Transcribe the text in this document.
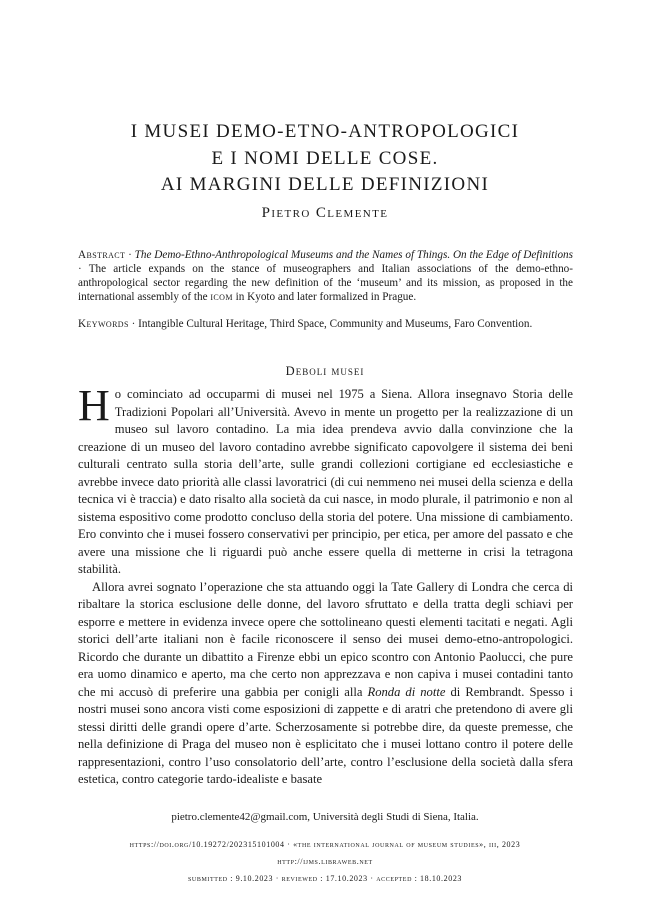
I MUSEI DEMO-ETNO-ANTROPOLOGICI
E I NOMI DELLE COSE.
AI MARGINI DELLE DEFINIZIONI
Pietro Clemente
Abstract · The Demo-Ethno-Anthropological Museums and the Names of Things. On the Edge of Definitions · The article expands on the stance of museographers and Italian associations of the demo-ethno-anthropological sector regarding the new definition of the ‘museum’ and its mission, as proposed in the international assembly of the icom in Kyoto and later formalized in Prague.
Keywords · Intangible Cultural Heritage, Third Space, Community and Museums, Faro Convention.
Deboli musei

Ho cominciato ad occuparmi di musei nel 1975 a Siena. Allora insegnavo Storia delle Tradizioni Popolari all’Università. Avevo in mente un progetto per la realizzazione di un museo sul lavoro contadino. La mia idea prendeva avvio dalla convinzione che la creazione di un museo del lavoro contadino avrebbe significato capovolgere il sistema dei beni culturali centrato sulla storia dell’arte, sulle grandi collezioni cortigiane ed ecclesiastiche e avrebbe invece dato priorità alle classi lavoratrici (di cui nemmeno nei musei della scienza e della tecnica vi è traccia) e dato risalto alla società da cui nasce, in modo plurale, il patrimonio e non al sistema espositivo come prodotto concluso della storia del potere. Una missione di cambiamento. Ero convinto che i musei fossero conservativi per principio, per etica, per amore del passato e che avere una missione che li riguardi può anche essere quella di metterne in crisi la tetragona stabilità.

Allora avrei sognato l’operazione che sta attuando oggi la Tate Gallery di Londra che cerca di ribaltare la storica esclusione delle donne, del lavoro sfruttato e della tratta degli schiavi per esporre e mettere in evidenza invece opere che sottolineano questi elementi tacitati e negati. Agli storici dell’arte italiani non è facile riconoscere il senso dei musei demo-etno-antropologici. Ricordo che durante un dibattito a Firenze ebbi un epico scontro con Antonio Paolucci, che pure era uomo dinamico e aperto, ma che certo non apprezzava e non capiva i musei contadini tanto che mi accusò di preferire una gabbia per conigli alla Ronda di notte di Rembrandt. Spesso i nostri musei sono ancora visti come esposizioni di zappette e di aratri che pretendono di avere gli stessi diritti delle grandi opere d’arte. Scherzosamente si potrebbe dire, da queste premesse, che nella definizione di Praga del museo non è esplicitato che i musei lottano contro il potere delle rappresentazioni, contro l’uso consolatorio dell’arte, contro l’esclusione della società dalla sfera estetica, contro categorie tardo-idealiste e basate

pietro.clemente42@gmail.com, Università degli Studi di Siena, Italia.
https://doi.org/10.19272/202315101004 · «the international journal of museum studies», iii, 2023
http://ijms.libraweb.net
submitted : 9.10.2023 · reviewed : 17.10.2023 · accepted : 18.10.2023
